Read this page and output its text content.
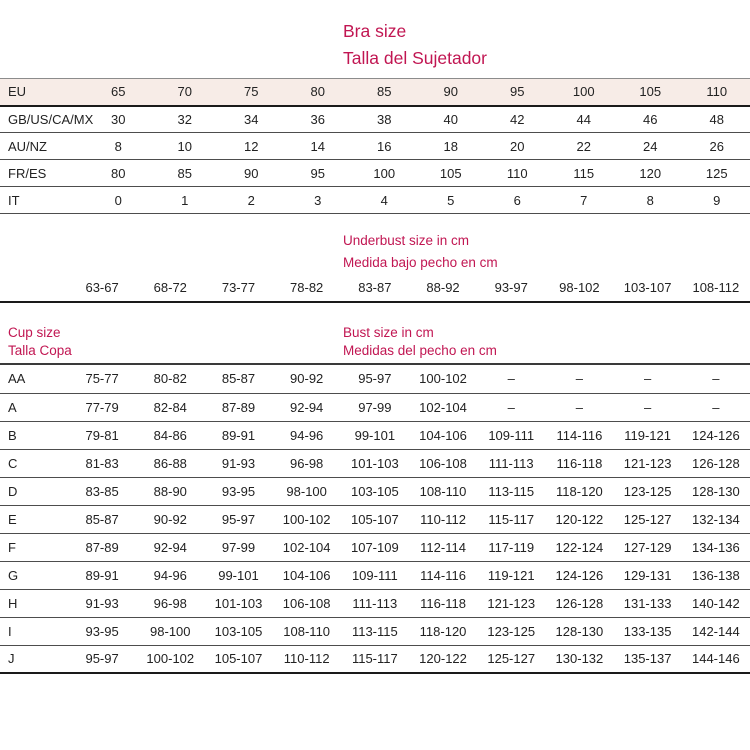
Bra size
Talla del Sujetador
EU	65	70	75	80	85	90	95	100	105	110
GB/US/CA/MX	30	32	34	36	38	40	42	44	46	48
AU/NZ	8	10	12	14	16	18	20	22	24	26
FR/ES	80	85	90	95	100	105	110	115	120	125
IT	0	1	2	3	4	5	6	7	8	9
Underbust size in cm
Medida bajo pecho en cm
	63-67	68-72	73-77	78-82	83-87	88-92	93-97	98-102	103-107	108-112
Cup size
Talla Copa
Bust size in cm
Medidas del pecho en cm
AA	75-77	80-82	85-87	90-92	95-97	100-102	–	–	–	–
A	77-79	82-84	87-89	92-94	97-99	102-104	–	–	–	–
B	79-81	84-86	89-91	94-96	99-101	104-106	109-111	114-116	119-121	124-126
C	81-83	86-88	91-93	96-98	101-103	106-108	111-113	116-118	121-123	126-128
D	83-85	88-90	93-95	98-100	103-105	108-110	113-115	118-120	123-125	128-130
E	85-87	90-92	95-97	100-102	105-107	110-112	115-117	120-122	125-127	132-134
F	87-89	92-94	97-99	102-104	107-109	112-114	117-119	122-124	127-129	134-136
G	89-91	94-96	99-101	104-106	109-111	114-116	119-121	124-126	129-131	136-138
H	91-93	96-98	101-103	106-108	111-113	116-118	121-123	126-128	131-133	140-142
I	93-95	98-100	103-105	108-110	113-115	118-120	123-125	128-130	133-135	142-144
J	95-97	100-102	105-107	110-112	115-117	120-122	125-127	130-132	135-137	144-146
